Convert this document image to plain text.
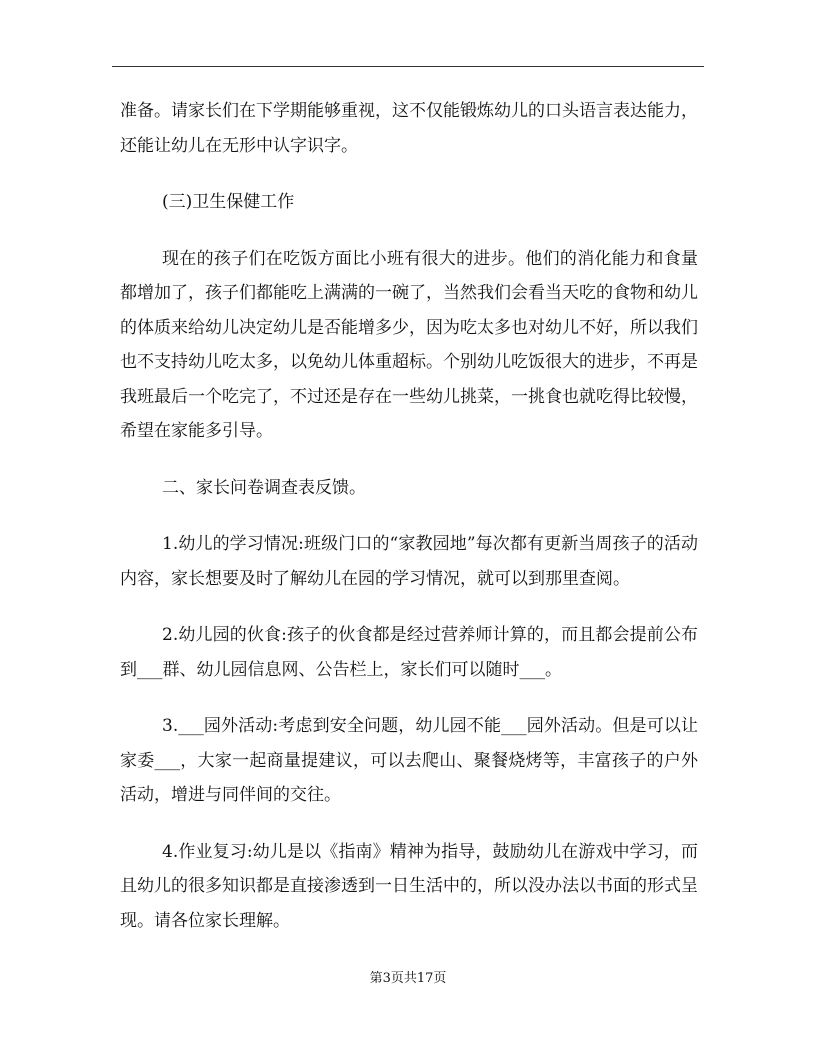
准备。请家长们在下学期能够重视，这不仅能锻炼幼儿的口头语言表达能力，还能让幼儿在无形中认字识字。

(三)卫生保健工作

现在的孩子们在吃饭方面比小班有很大的进步。他们的消化能力和食量都增加了，孩子们都能吃上满满的一碗了，当然我们会看当天吃的食物和幼儿的体质来给幼儿决定幼儿是否能增多少，因为吃太多也对幼儿不好，所以我们也不支持幼儿吃太多，以免幼儿体重超标。个别幼儿吃饭很大的进步，不再是我班最后一个吃完了，不过还是存在一些幼儿挑菜，一挑食也就吃得比较慢，希望在家能多引导。

二、家长问卷调查表反馈。

1.幼儿的学习情况:班级门口的“家教园地”每次都有更新当周孩子的活动内容，家长想要及时了解幼儿在园的学习情况，就可以到那里查阅。

2.幼儿园的伙食:孩子的伙食都是经过营养师计算的，而且都会提前公布到___群、幼儿园信息网、公告栏上，家长们可以随时___。

3.___园外活动:考虑到安全问题，幼儿园不能___园外活动。但是可以让家委___，大家一起商量提建议，可以去爬山、聚餐烧烤等，丰富孩子的户外活动，增进与同伴间的交往。

4.作业复习:幼儿是以《指南》精神为指导，鼓励幼儿在游戏中学习，而且幼儿的很多知识都是直接渗透到一日生活中的，所以没办法以书面的形式呈现。请各位家长理解。

第3页共17页
